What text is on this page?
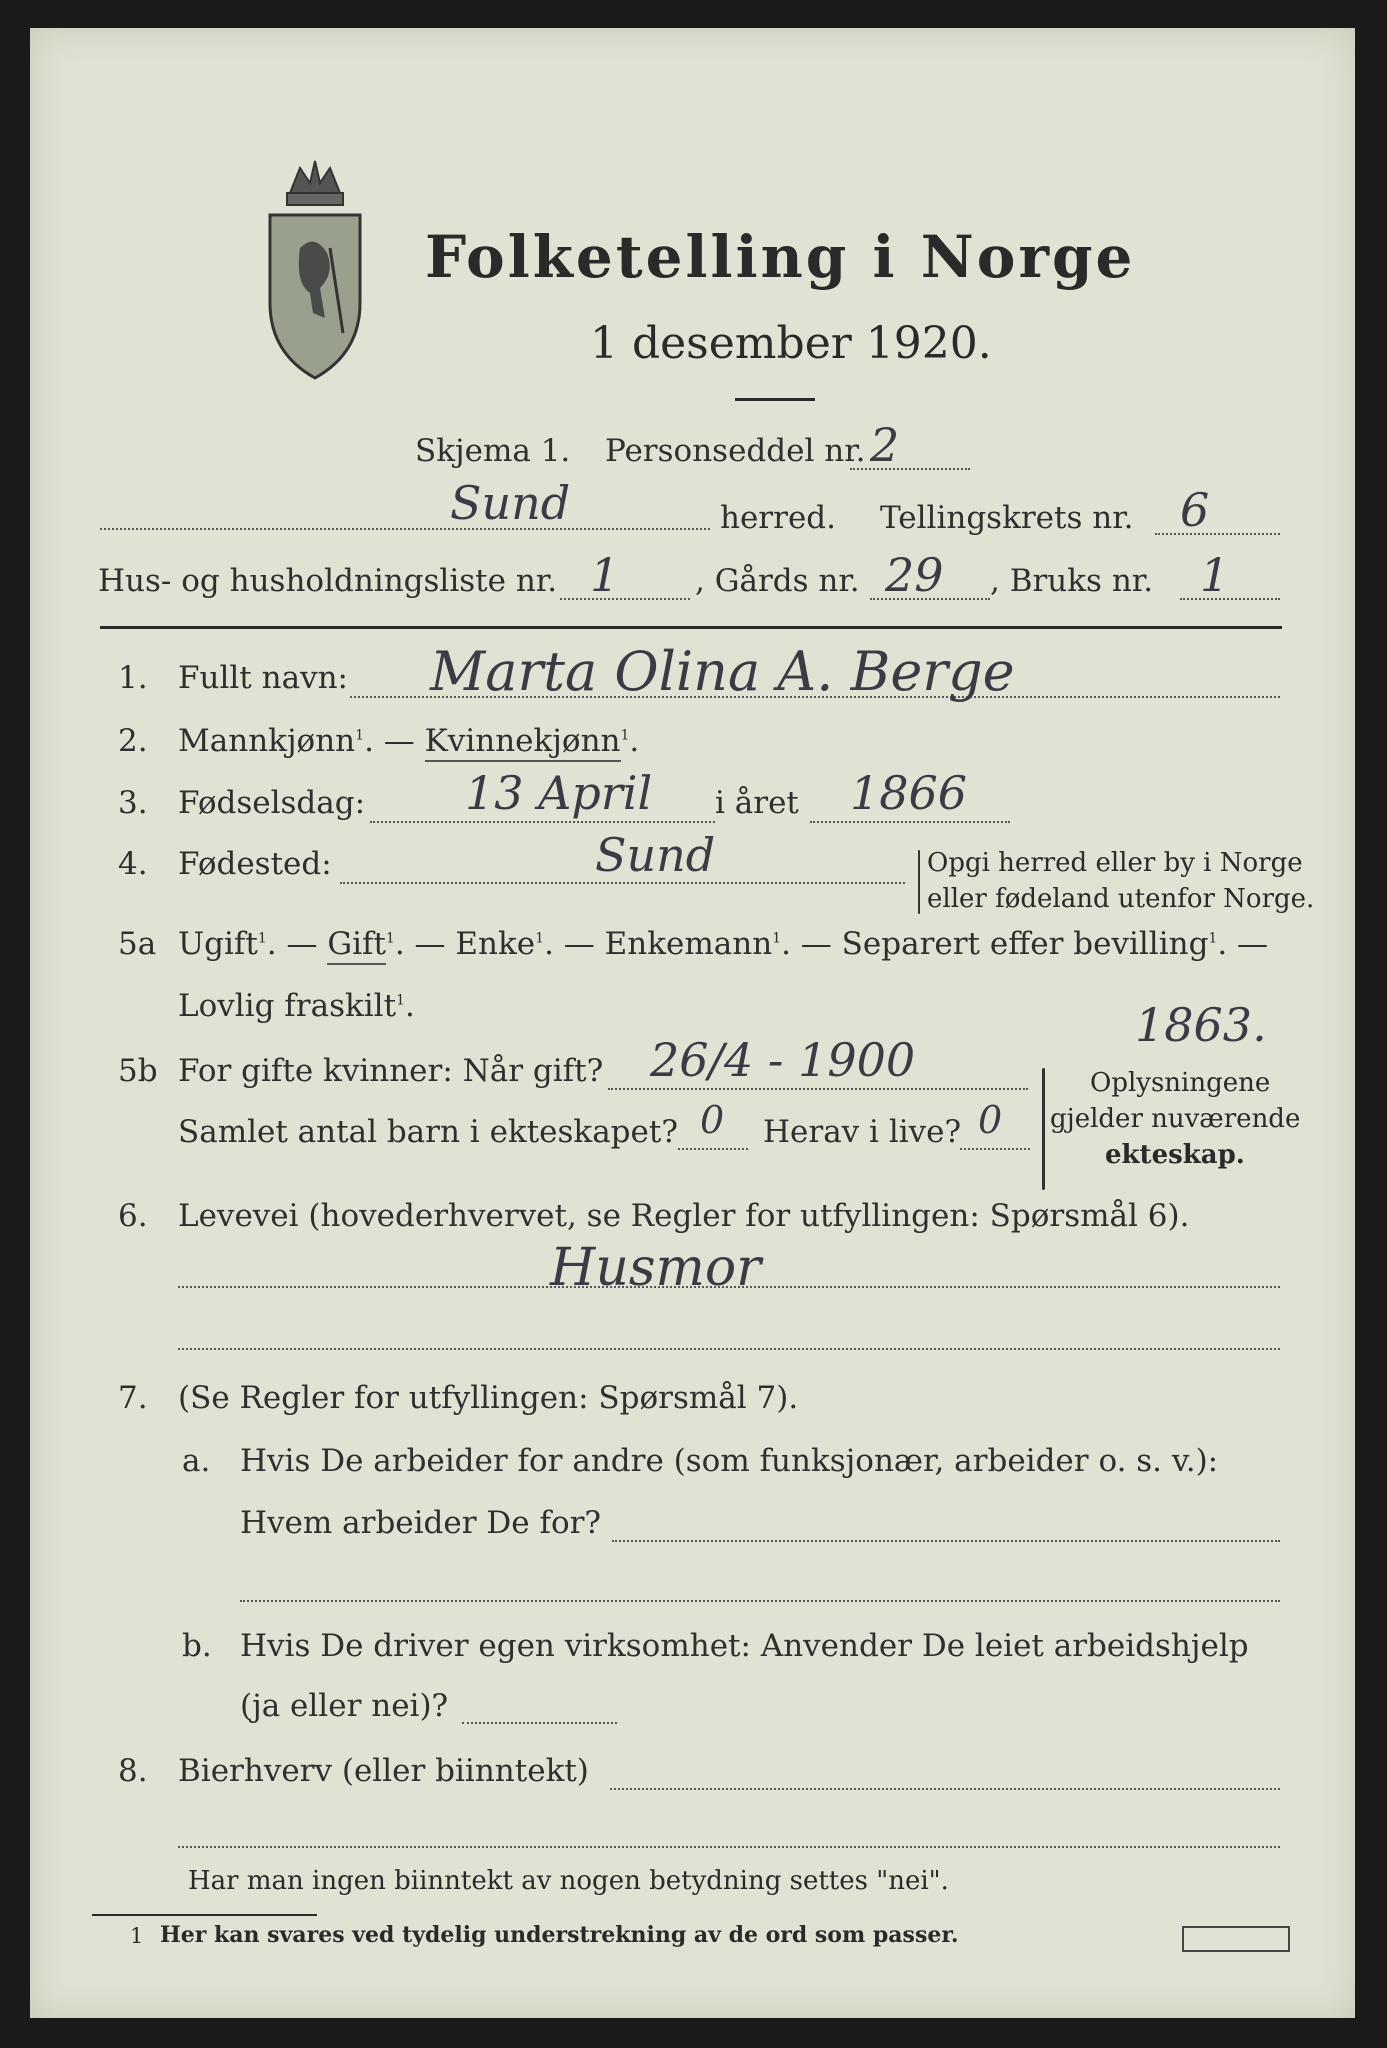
Folketelling i Norge
1 desember 1920.
Skjema 1. Personseddel nr. 2
Sund	herred. Tellingskrets nr. 6
Hus- og husholdningsliste nr. 1 , Gårds nr. 29 , Bruks nr. 1
1. Fullt navn: Marta Olina A. Berge
2. Mannkjønn$^1$. — Kvinnekjønn$^1$.
3. Fødselsdag: 13 April i året 1866
4. Fødested:	Sund	Opgi herred eller by i Norge
eller fødeland utenfor Norge.
5a Ugift$^1$. — Gift$^1$. — Enke$^1$. — Enkemann$^1$. — Separert effer bevilling$^1$. —
Lovlig fraskilt$^1$.	1863.
5b For gifte kvinner: Når gift? 26/4 - 1900
Samlet antal barn i ekteskapet? 0 Herav i live? 0
Oplysningene
gjelder nuværende
ekteskap.
6. Levevei (hovederhvervet, se Regler for utfyllingen: Spørsmål 6).
Husmor
7. (Se Regler for utfyllingen: Spørsmål 7).
a. Hvis De arbeider for andre (som funksjonær, arbeider o. s. v.):
Hvem arbeider De for?
b. Hvis De driver egen virksomhet: Anvender De leiet arbeidshjelp
(ja eller nei)?
8. Bierhverv (eller biinntekt)
Har man ingen biinntekt av nogen betydning settes "nei".
1 Her kan svares ved tydelig understrekning av de ord som passer.
